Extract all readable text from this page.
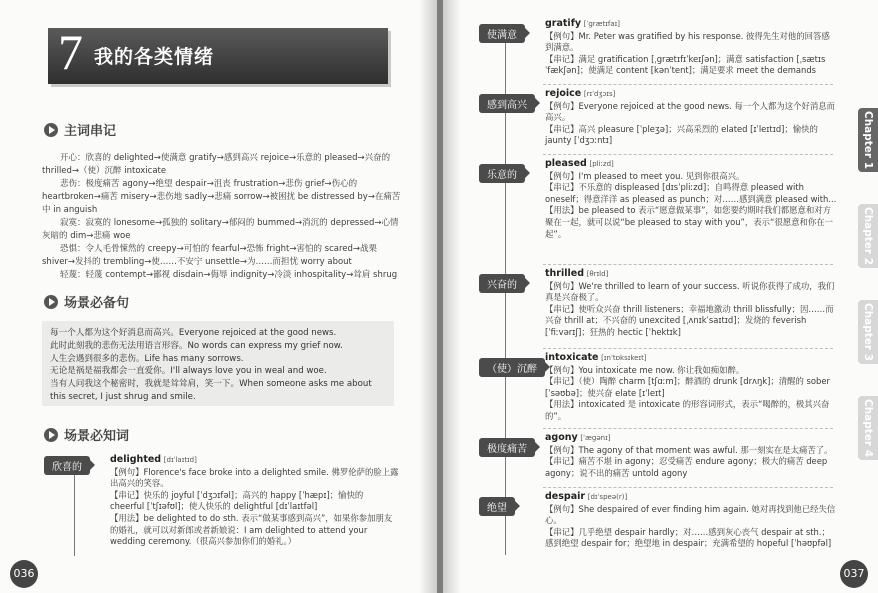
7 我的各类情绪
主词串记

开心：欣喜的 delighted→使满意 gratify→感到高兴 rejoice→乐意的 pleased→兴奋的 thrilled→（使）沉醉 intoxicate

悲伤：极度痛苦 agony→绝望 despair→沮丧 frustration→悲伤 grief→伤心的 heartbroken→痛苦 misery→悲伤地 sadly→悲痛 sorrow→被困扰 be distressed by→在痛苦中 in anguish

寂寞：寂寞的 lonesome→孤独的 solitary→郁闷的 bummed→消沉的 depressed→心情灰暗的 dim→悲痛 woe

恐惧：令人毛骨悚然的 creepy→可怕的 fearful→恐怖 fright→害怕的 scared→战栗 shiver→发抖的 trembling→使……不安宁 unsettle→为……而担忧 worry about

轻蔑：轻蔑 contempt→鄙视 disdain→侮辱 indignity→冷淡 inhospitality→耸肩 shrug

场景必备句

每一个人都为这个好消息而高兴。Everyone rejoiced at the good news.

此时此刻我的悲伤无法用语言形容。No words can express my grief now.

人生会遇到很多的悲伤。Life has many sorrows.

无论是祸是福我都会一直爱你。I'll always love you in weal and woe.

当有人问我这个秘密时，我就是耸耸肩，笑一下。When someone asks me about this secret, I just shrug and smile.

场景必知词
欣喜的

delighted [dɪˈlaɪtɪd]

【例句】Florence's face broke into a delighted smile. 佛罗伦萨的脸上露出高兴的笑容。

【串记】快乐的 joyful [ˈdʒɔɪfəl]；高兴的 happy [ˈhæpɪ]；愉快的 cheerful [ˈtʃɪəfʊl]；使人快乐的 delightful [dɪˈlaɪtfəl]

【用法】be delighted to do sth. 表示“做某事感到高兴”，如果你参加朋友的婚礼，就可以对新郎或者新娘说：I am delighted to attend your wedding ceremony.（很高兴参加你们的婚礼。）

036
使满意

gratify [ˈgrætɪfaɪ]

【例句】Mr. Peter was gratified by his response. 彼得先生对他的回答感到满意。

【串记】满足 gratification [ˌgrætɪfɪˈkeɪʃən]；满意 satisfaction [ˌsætɪsˈfækʃən]；使满足 content [kənˈtent]；满足要求 meet the demands

感到高兴

rejoice [rɪˈdʒɔɪs]

【例句】Everyone rejoiced at the good news. 每一个人都为这个好消息而高兴。

【串记】高兴 pleasure [ˈpleʒə]；兴高采烈的 elated [ɪˈleɪtɪd]；愉快的 jaunty [ˈdʒɔːntɪ]

乐意的

pleased [pliːzd]

【例句】I'm pleased to meet you. 见到你很高兴。

【串记】不乐意的 displeased [dɪsˈpliːzd]；自鸣得意 pleased with oneself；得意洋洋 as pleased as punch；对……感到满意 pleased with...

【用法】be pleased to 表示“愿意做某事”，如您要约期时我们都愿意和对方聚在一起，就可以说“be pleased to stay with you”，表示“很愿意和你在一起”。

兴奋的

thrilled [θrɪld]

【例句】We're thrilled to learn of your success. 听说你获得了成功，我们真是兴奋极了。

【串记】使听众兴奋 thrill listeners；幸福地激动 thrill blissfully；因……而兴奋 thrill at；不兴奋的 unexcited [ˌʌnɪkˈsaɪtɪd]；发烧的 feverish [ˈfiːvərɪʃ]；狂热的 hectic [ˈhektɪk]

（使）沉醉

intoxicate [ɪnˈtɒksɪkeɪt]

【例句】You intoxicate me now. 你让我如痴如醉。

【串记】（使）陶醉 charm [tʃɑːm]；醉酒的 drunk [drʌŋk]；清醒的 sober [ˈsəʊbə]；使兴奋 elate [ɪˈleɪt]

【用法】intoxicated 是 intoxicate 的形容词形式，表示“喝醉的，极其兴奋的”。

极度痛苦

agony [ˈægənɪ]

【例句】The agony of that moment was awful. 那一刻实在是太痛苦了。

【串记】痛苦不堪 in agony；忍受痛苦 endure agony；极大的痛苦 deep agony；说不出的痛苦 untold agony

绝望

despair [dɪˈspeə(r)]

【例句】She despaired of ever finding him again. 她对再找到他已经失信心。

【串记】几乎绝望 despair hardly；对……感到灰心丧气 despair at sth.；感到绝望 despair for；绝望地 in despair；充满希望的 hopeful [ˈhəʊpfəl]

Chapter 1
Chapter 2
Chapter 3
Chapter 4
037
